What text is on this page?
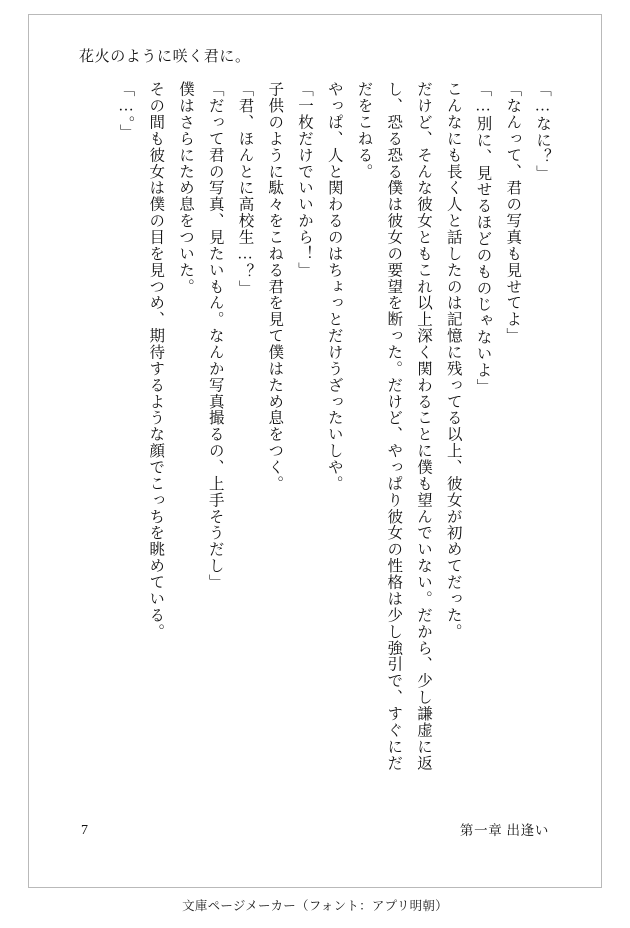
花火のように咲く君に。

「…なに？」

「なんって、君の写真も見せてよ」

「…別に、見せるほどのものじゃないよ」

こんなにも長く人と話したのは記憶に残ってる以上、彼女が初めてだった。

だけど、そんな彼女ともこれ以上深く関わることに僕も望んでいない。だから、少し謙虚に返し、恐る恐る僕は彼女の要望を断った。だけど、やっぱり彼女の性格は少し強引で、すぐにだだをこねる。

やっぱ、人と関わるのはちょっとだけうざったいしや。

「一枚だけでいいから！」

子供のように駄々をこねる君を見て僕はため息をつく。

「君、ほんとに高校生…？」

「だって君の写真、見たいもん。なんか写真撮るの、上手そうだし」

僕はさらにため息をついた。

その間も彼女は僕の目を見つめ、期待するような顔でこっちを眺めている。

「…。」

7	第一章 出逢い
文庫ページメーカー（フォント：アプリ明朝）
